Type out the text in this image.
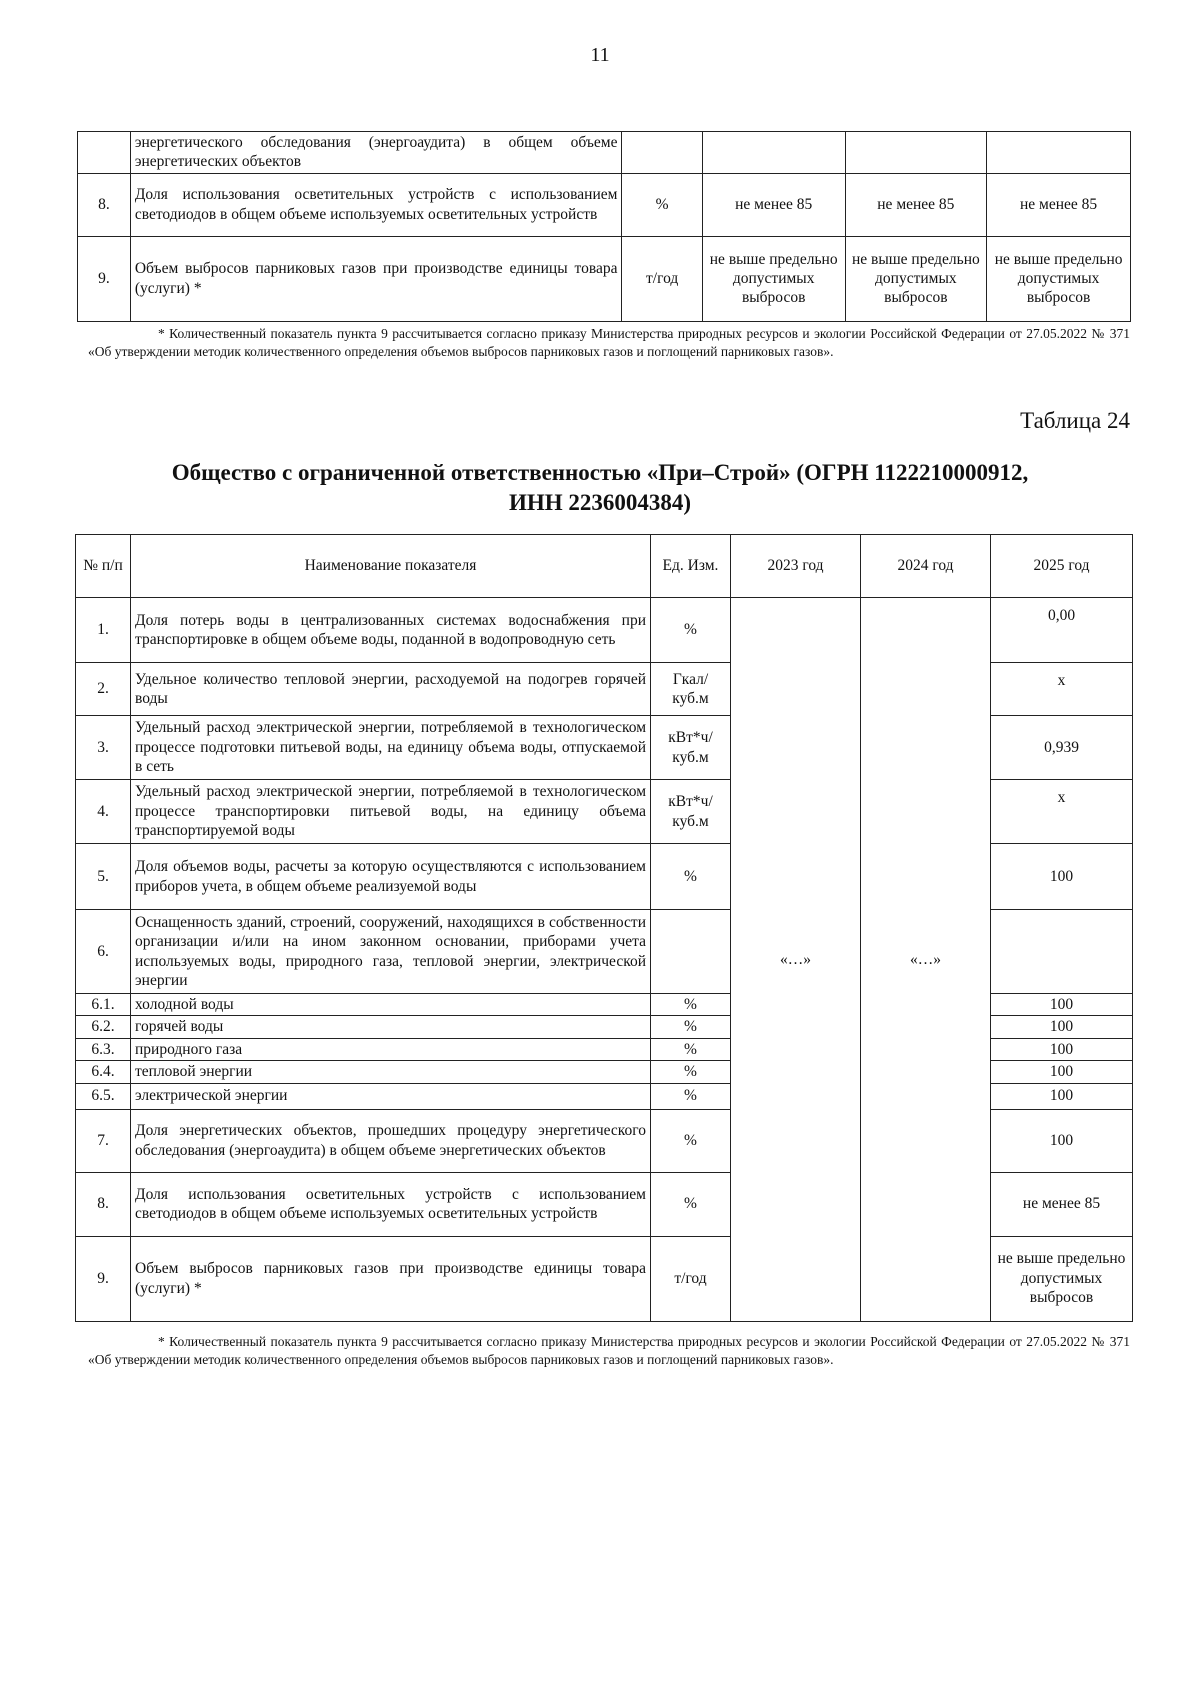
11
	энергетического обследования (энергоаудита) в общем объеме энергетических объектов				
8.	Доля использования осветительных устройств с использованием светодиодов в общем объеме используемых осветительных устройств	%	не менее 85	не менее 85	не менее 85
9.	Объем выбросов парниковых газов при производстве единицы товара (услуги) *	т/год	не выше предельно допустимых выбросов	не выше предельно допустимых выбросов	не выше предельно допустимых выбросов
* Количественный показатель пункта 9 рассчитывается согласно приказу Министерства природных ресурсов и экологии Российской Федерации от 27.05.2022 № 371 «Об утверждении методик количественного определения объемов выбросов парниковых газов и поглощений парниковых газов».
Таблица 24
Общество с ограниченной ответственностью «При–Строй» (ОГРН 1122210000912,
ИНН 2236004384)
№ п/п	Наименование показателя	Ед. Изм.	2023 год	2024 год	2025 год
1.	Доля потерь воды в централизованных системах водоснабжения при транспортировке в общем объеме воды, поданной в водопроводную сеть	%	«…»	«…»	0,00
2.	Удельное количество тепловой энергии, расходуемой на подогрев горячей воды	Гкал/ куб.м			х
3.	Удельный расход электрической энергии, потребляемой в технологическом процессе подготовки питьевой воды, на единицу объема воды, отпускаемой в сеть	кВт*ч/ куб.м			0,939
4.	Удельный расход электрической энергии, потребляемой в технологическом процессе транспортировки питьевой воды, на единицу объема транспортируемой воды	кВт*ч/ куб.м			х
5.	Доля объемов воды, расчеты за которую осуществляются с использованием приборов учета, в общем объеме реализуемой воды	%			100
6.	Оснащенность зданий, строений, сооружений, находящихся в собственности организации и/или на ином законном основании, приборами учета используемых воды, природного газа, тепловой энергии, электрической энергии				
6.1.	холодной воды	%			100
6.2.	горячей воды	%			100
6.3.	природного газа	%			100
6.4.	тепловой энергии	%			100
6.5.	электрической энергии	%			100
7.	Доля энергетических объектов, прошедших процедуру энергетического обследования (энергоаудита) в общем объеме энергетических объектов	%			100
8.	Доля использования осветительных устройств с использованием светодиодов в общем объеме используемых осветительных устройств	%			не менее 85
9.	Объем выбросов парниковых газов при производстве единицы товара (услуги) *	т/год			не выше предельно допустимых выбросов
* Количественный показатель пункта 9 рассчитывается согласно приказу Министерства природных ресурсов и экологии Российской Федерации от 27.05.2022 № 371 «Об утверждении методик количественного определения объемов выбросов парниковых газов и поглощений парниковых газов».
